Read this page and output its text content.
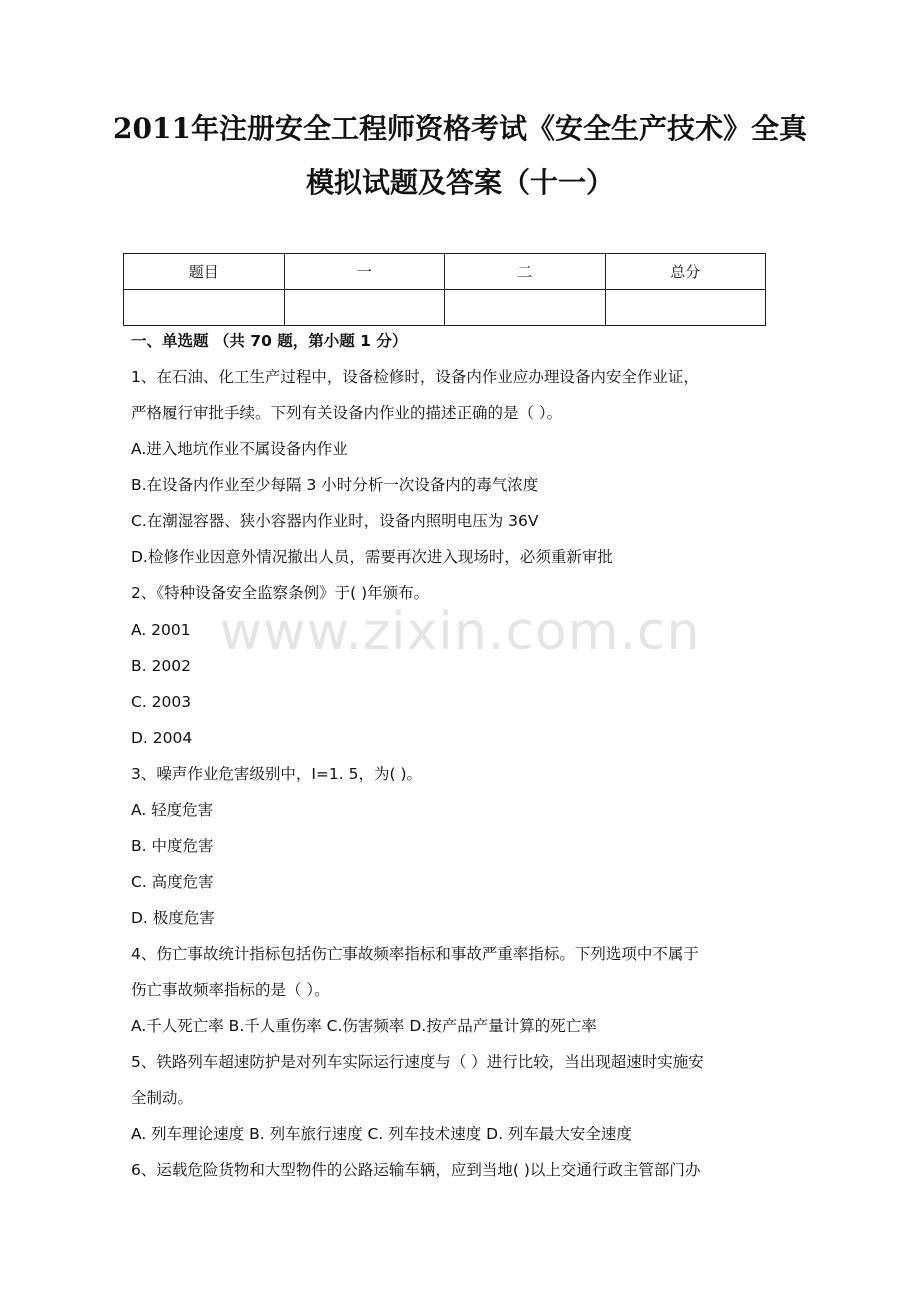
2011年注册安全工程师资格考试《安全生产技术》全真
模拟试题及答案（十一）
题目	一	二	总分

一、单选题 （共 70 题，第小题 1 分）
1、在石油、化工生产过程中，设备检修时，设备内作业应办理设备内安全作业证，
严格履行审批手续。下列有关设备内作业的描述正确的是（ ）。
A.进入地坑作业不属设备内作业
B.在设备内作业至少每隔 3 小时分析一次设备内的毒气浓度
C.在潮湿容器、狭小容器内作业时，设备内照明电压为 36V
D.检修作业因意外情况撤出人员，需要再次进入现场时，必须重新审批
2、《特种设备安全监察条例》于( )年颁布。
A. 2001
B. 2002
C. 2003
D. 2004
3、噪声作业危害级别中，I=1. 5，为( )。
A. 轻度危害
B. 中度危害
C. 高度危害
D. 极度危害
4、伤亡事故统计指标包括伤亡事故频率指标和事故严重率指标。下列选项中不属于
伤亡事故频率指标的是（ ）。
A.千人死亡率 B.千人重伤率 C.伤害频率 D.按产品产量计算的死亡率
5、铁路列车超速防护是对列车实际运行速度与（ ）进行比较，当出现超速时实施安
全制动。
A. 列车理论速度 B. 列车旅行速度 C. 列车技术速度 D. 列车最大安全速度
6、运载危险货物和大型物件的公路运输车辆，应到当地( )以上交通行政主管部门办
www.zixin.com.cn
